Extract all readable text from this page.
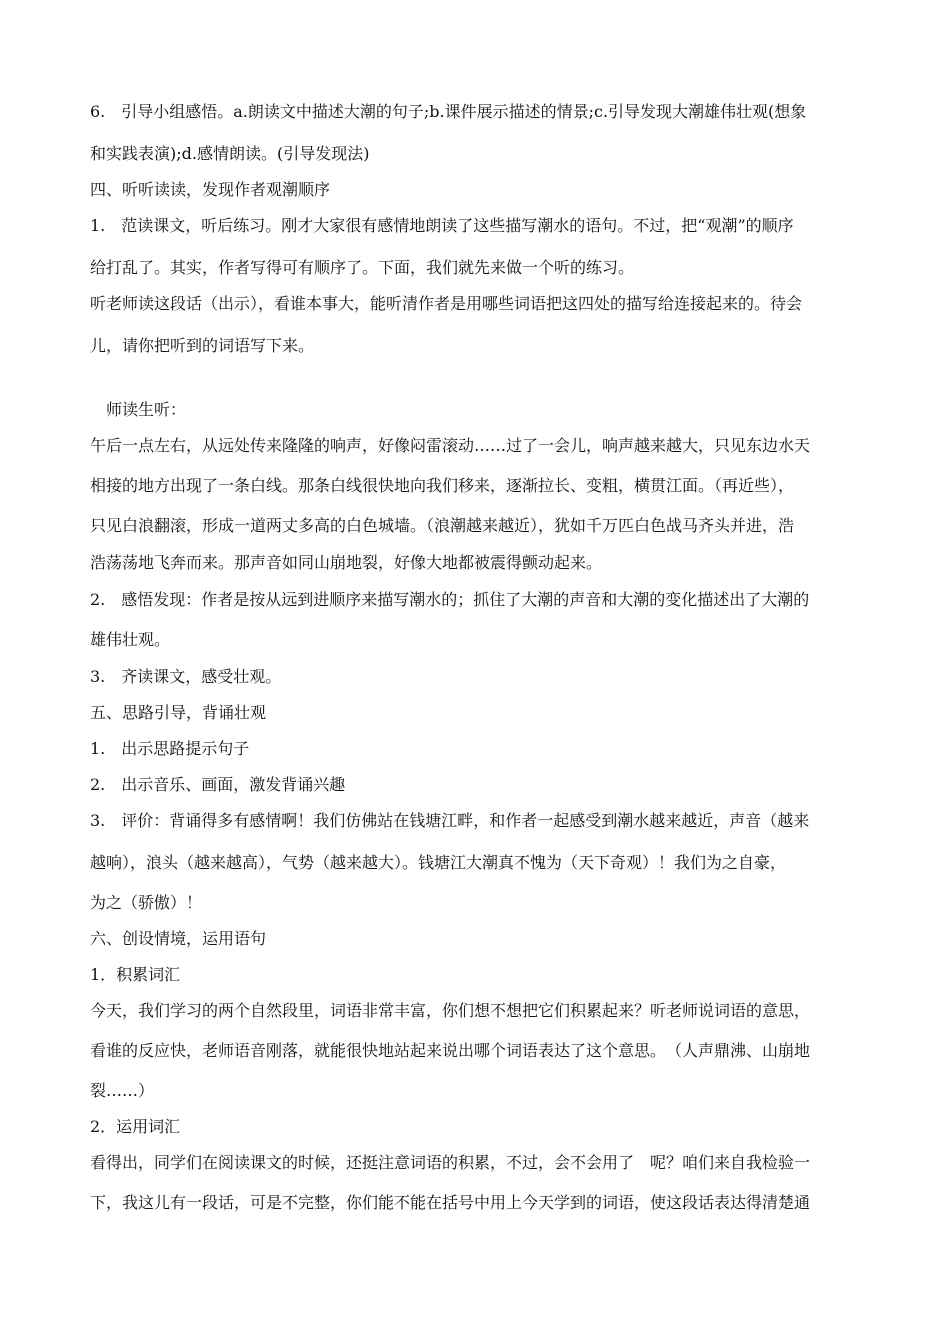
6.　引导小组感悟。a.朗读文中描述大潮的句子;b.课件展示描述的情景;c.引导发现大潮雄伟壮观(想象
和实践表演);d.感情朗读。(引导发现法)
四、听听读读，发现作者观潮顺序
1.　范读课文，听后练习。刚才大家很有感情地朗读了这些描写潮水的语句。不过，把“观潮”的顺序
给打乱了。其实，作者写得可有顺序了。下面，我们就先来做一个听的练习。
听老师读这段话（出示），看谁本事大，能听清作者是用哪些词语把这四处的描写给连接起来的。待会
儿，请你把听到的词语写下来。
师读生听：
午后一点左右，从远处传来隆隆的响声，好像闷雷滚动……过了一会儿，响声越来越大，只见东边水天
相接的地方出现了一条白线。那条白线很快地向我们移来，逐渐拉长、变粗，横贯江面。（再近些），
只见白浪翻滚，形成一道两丈多高的白色城墙。（浪潮越来越近），犹如千万匹白色战马齐头并进，浩
浩荡荡地飞奔而来。那声音如同山崩地裂，好像大地都被震得颤动起来。
2.　感悟发现：作者是按从远到进顺序来描写潮水的；抓住了大潮的声音和大潮的变化描述出了大潮的
雄伟壮观。
3.　齐读课文，感受壮观。
五、思路引导，背诵壮观
1.　出示思路提示句子
2.　出示音乐、画面，激发背诵兴趣
3.　评价：背诵得多有感情啊！我们仿佛站在钱塘江畔，和作者一起感受到潮水越来越近，声音（越来
越响），浪头（越来越高），气势（越来越大）。钱塘江大潮真不愧为（天下奇观）！我们为之自豪，
为之（骄傲）！
六、创设情境，运用语句
1．积累词汇
今天，我们学习的两个自然段里，词语非常丰富，你们想不想把它们积累起来？听老师说词语的意思，
看谁的反应快，老师语音刚落，就能很快地站起来说出哪个词语表达了这个意思。　（人声鼎沸、山崩地
裂……）
2．运用词汇
看得出，同学们在阅读课文的时候，还挺注意词语的积累，不过，会不会用了　呢？咱们来自我检验一
下，我这儿有一段话，可是不完整，你们能不能在括号中用上今天学到的词语，使这段话表达得清楚通
